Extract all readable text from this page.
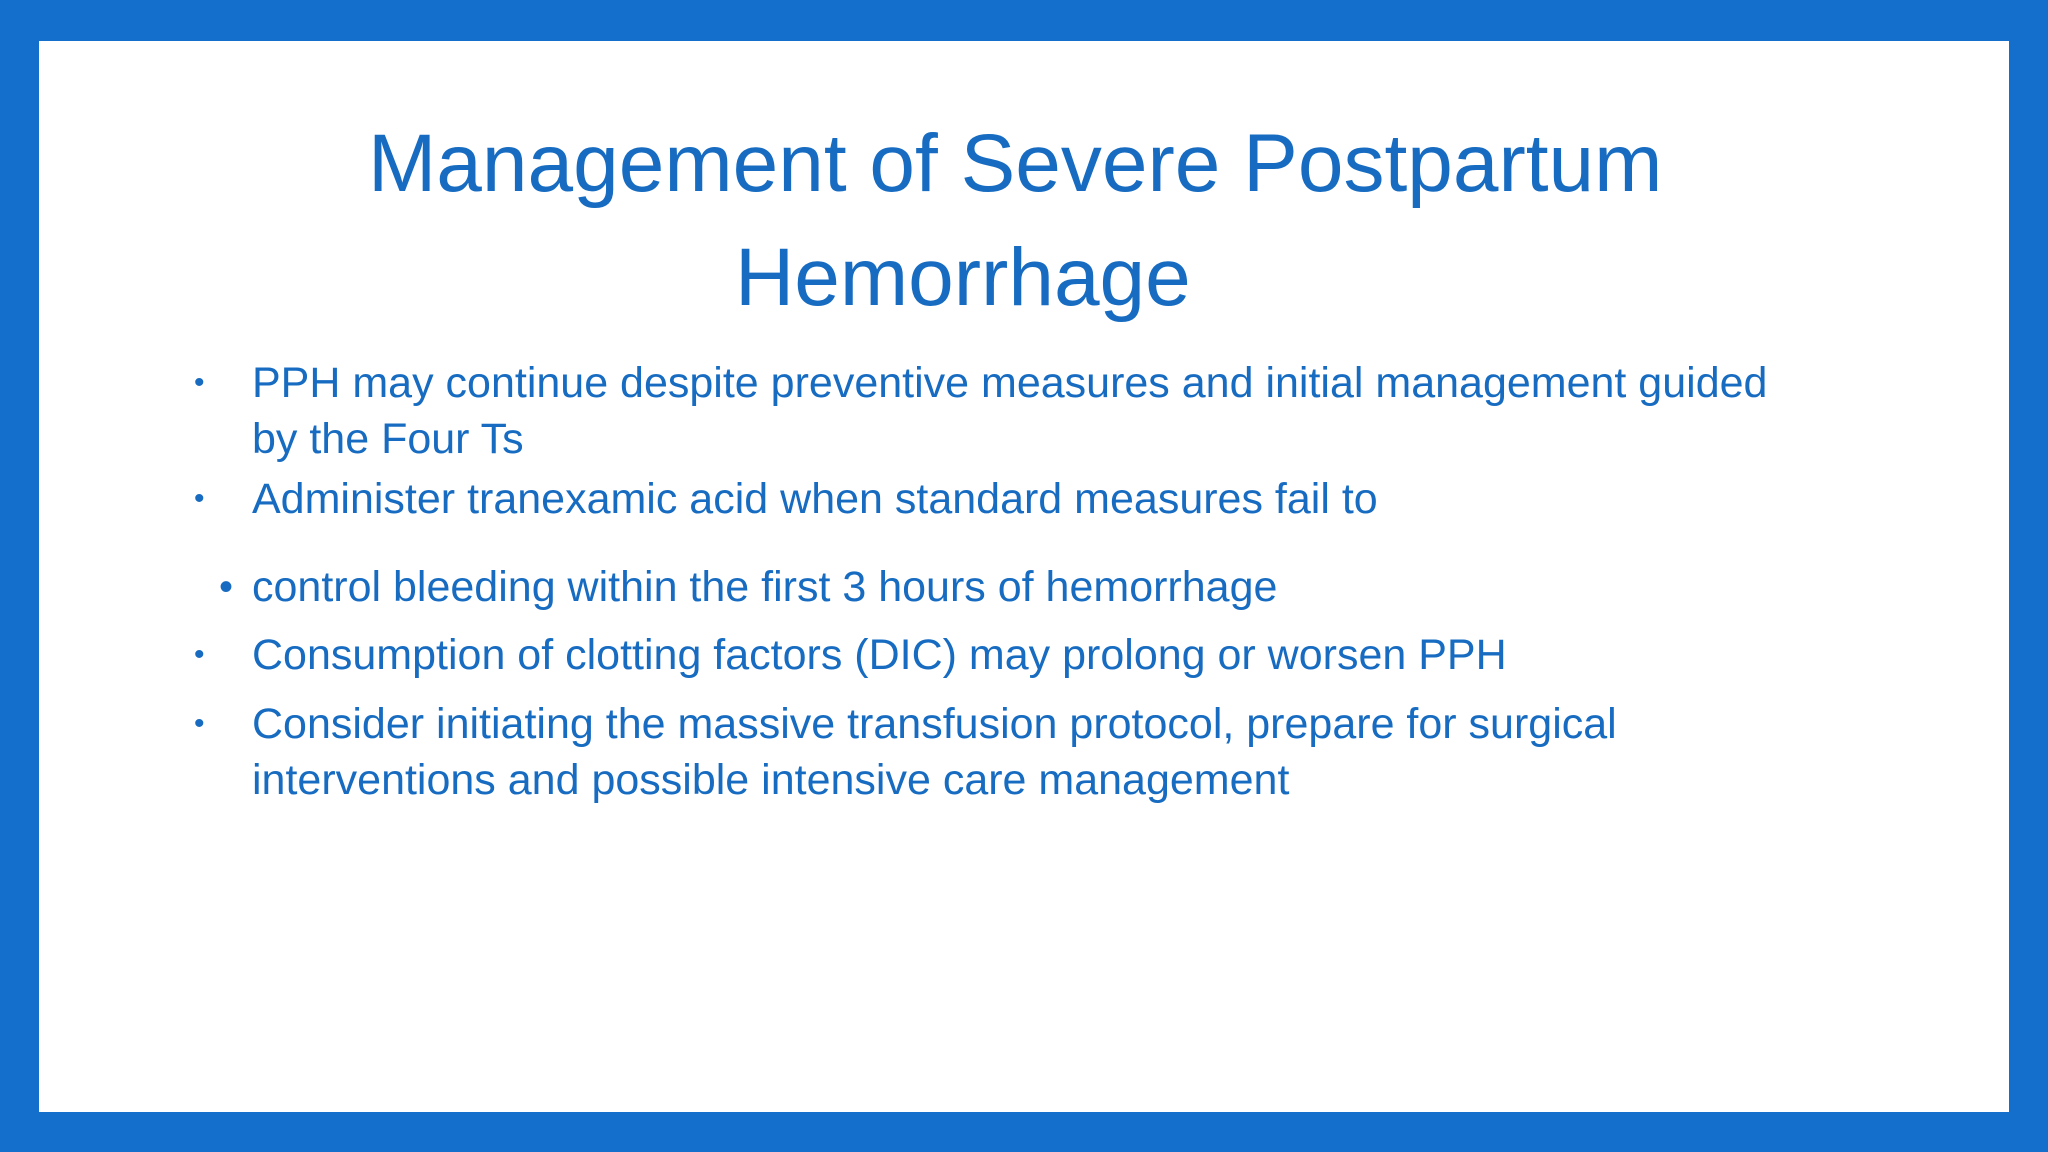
Management of Severe Postpartum
Hemorrhage
• PPH may continue despite preventive measures and initial management guided by the Four Ts
• Administer tranexamic acid when standard measures fail to
• control bleeding within the first 3 hours of hemorrhage
• Consumption of clotting factors (DIC) may prolong or worsen PPH
• Consider initiating the massive transfusion protocol, prepare for surgical interventions and possible intensive care management
